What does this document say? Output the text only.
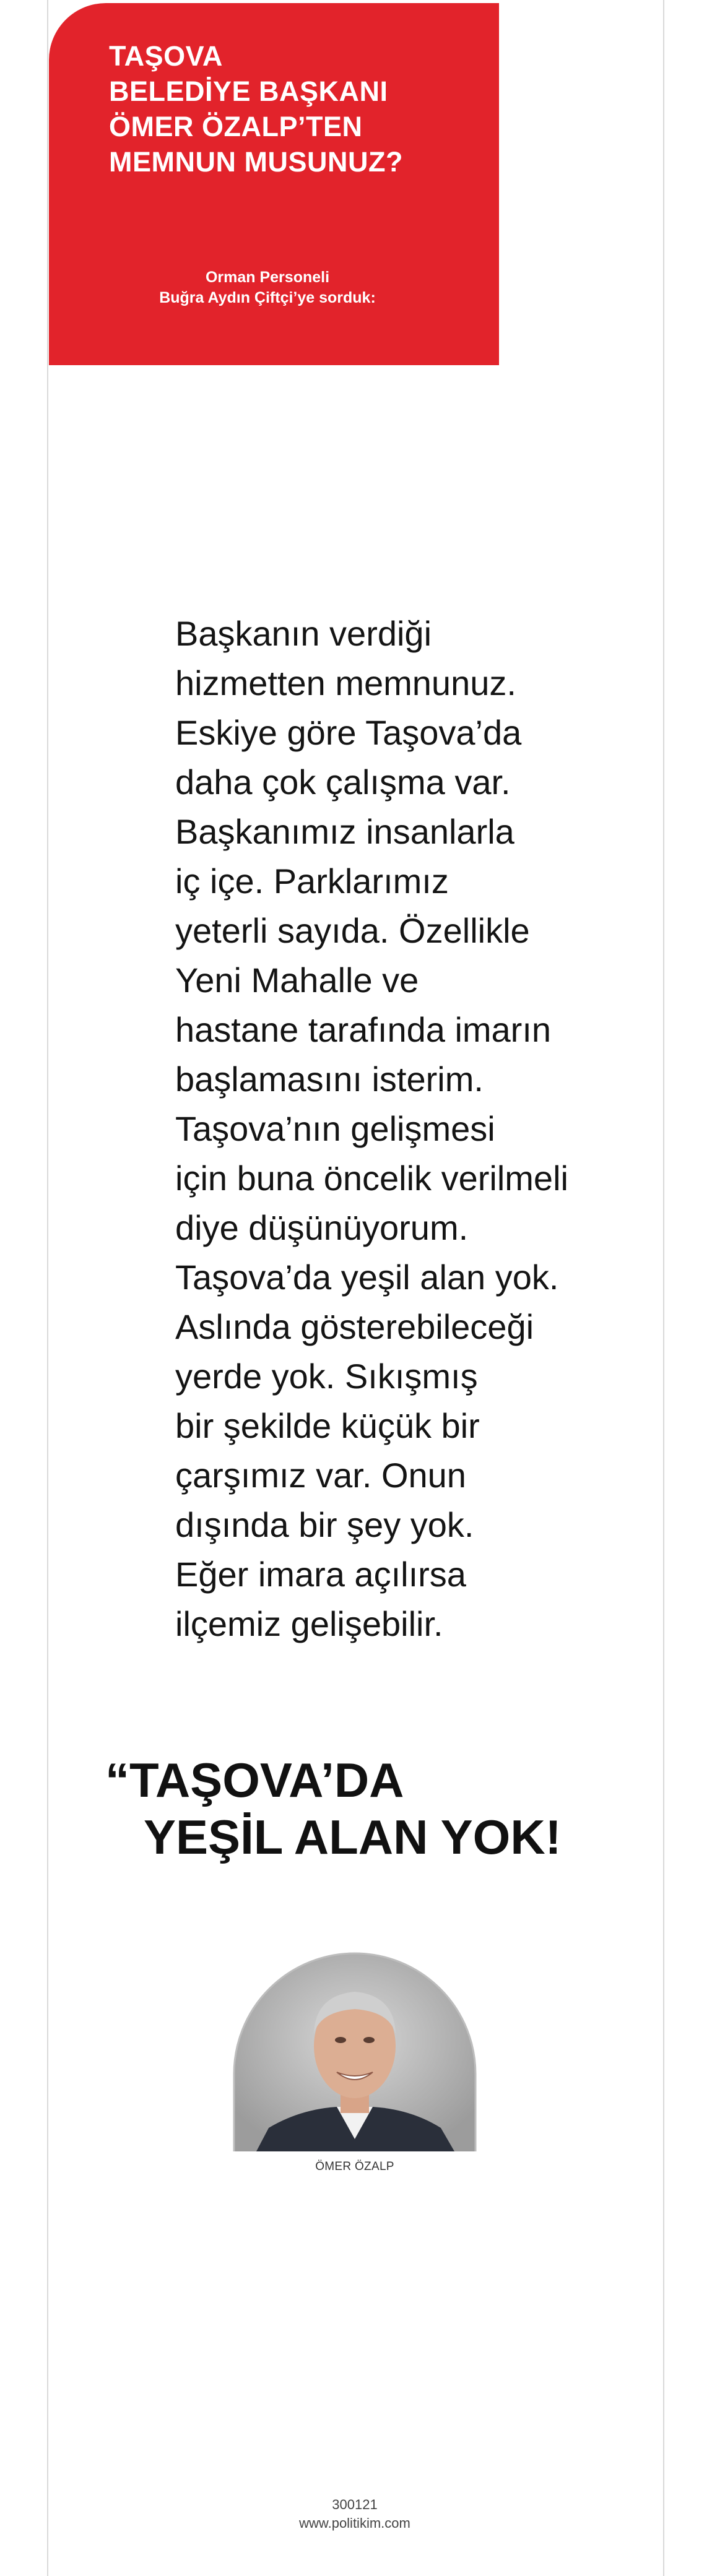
TAŞOVA
BELEDİYE BAŞKANI
ÖMER ÖZALP’TEN
MEMNUN MUSUNUZ?
Orman Personeli
Buğra Aydın Çiftçi’ye sorduk:
Başkanın verdiği
hizmetten memnunuz.
Eskiye göre Taşova’da
daha çok çalışma var.
Başkanımız insanlarla
iç içe. Parklarımız
yeterli sayıda. Özellikle
Yeni Mahalle ve
hastane tarafında imarın
başlamasını isterim.
Taşova’nın gelişmesi
için buna öncelik verilmeli
diye düşünüyorum.
Taşova’da yeşil alan yok.
Aslında gösterebileceği
yerde yok. Sıkışmış
bir şekilde küçük bir
çarşımız var. Onun
dışında bir şey yok.
Eğer imara açılırsa
ilçemiz gelişebilir.
“TAŞOVA’DA
YEŞİL ALAN YOK!
ÖMER ÖZALP
300121
www.politikim.com
